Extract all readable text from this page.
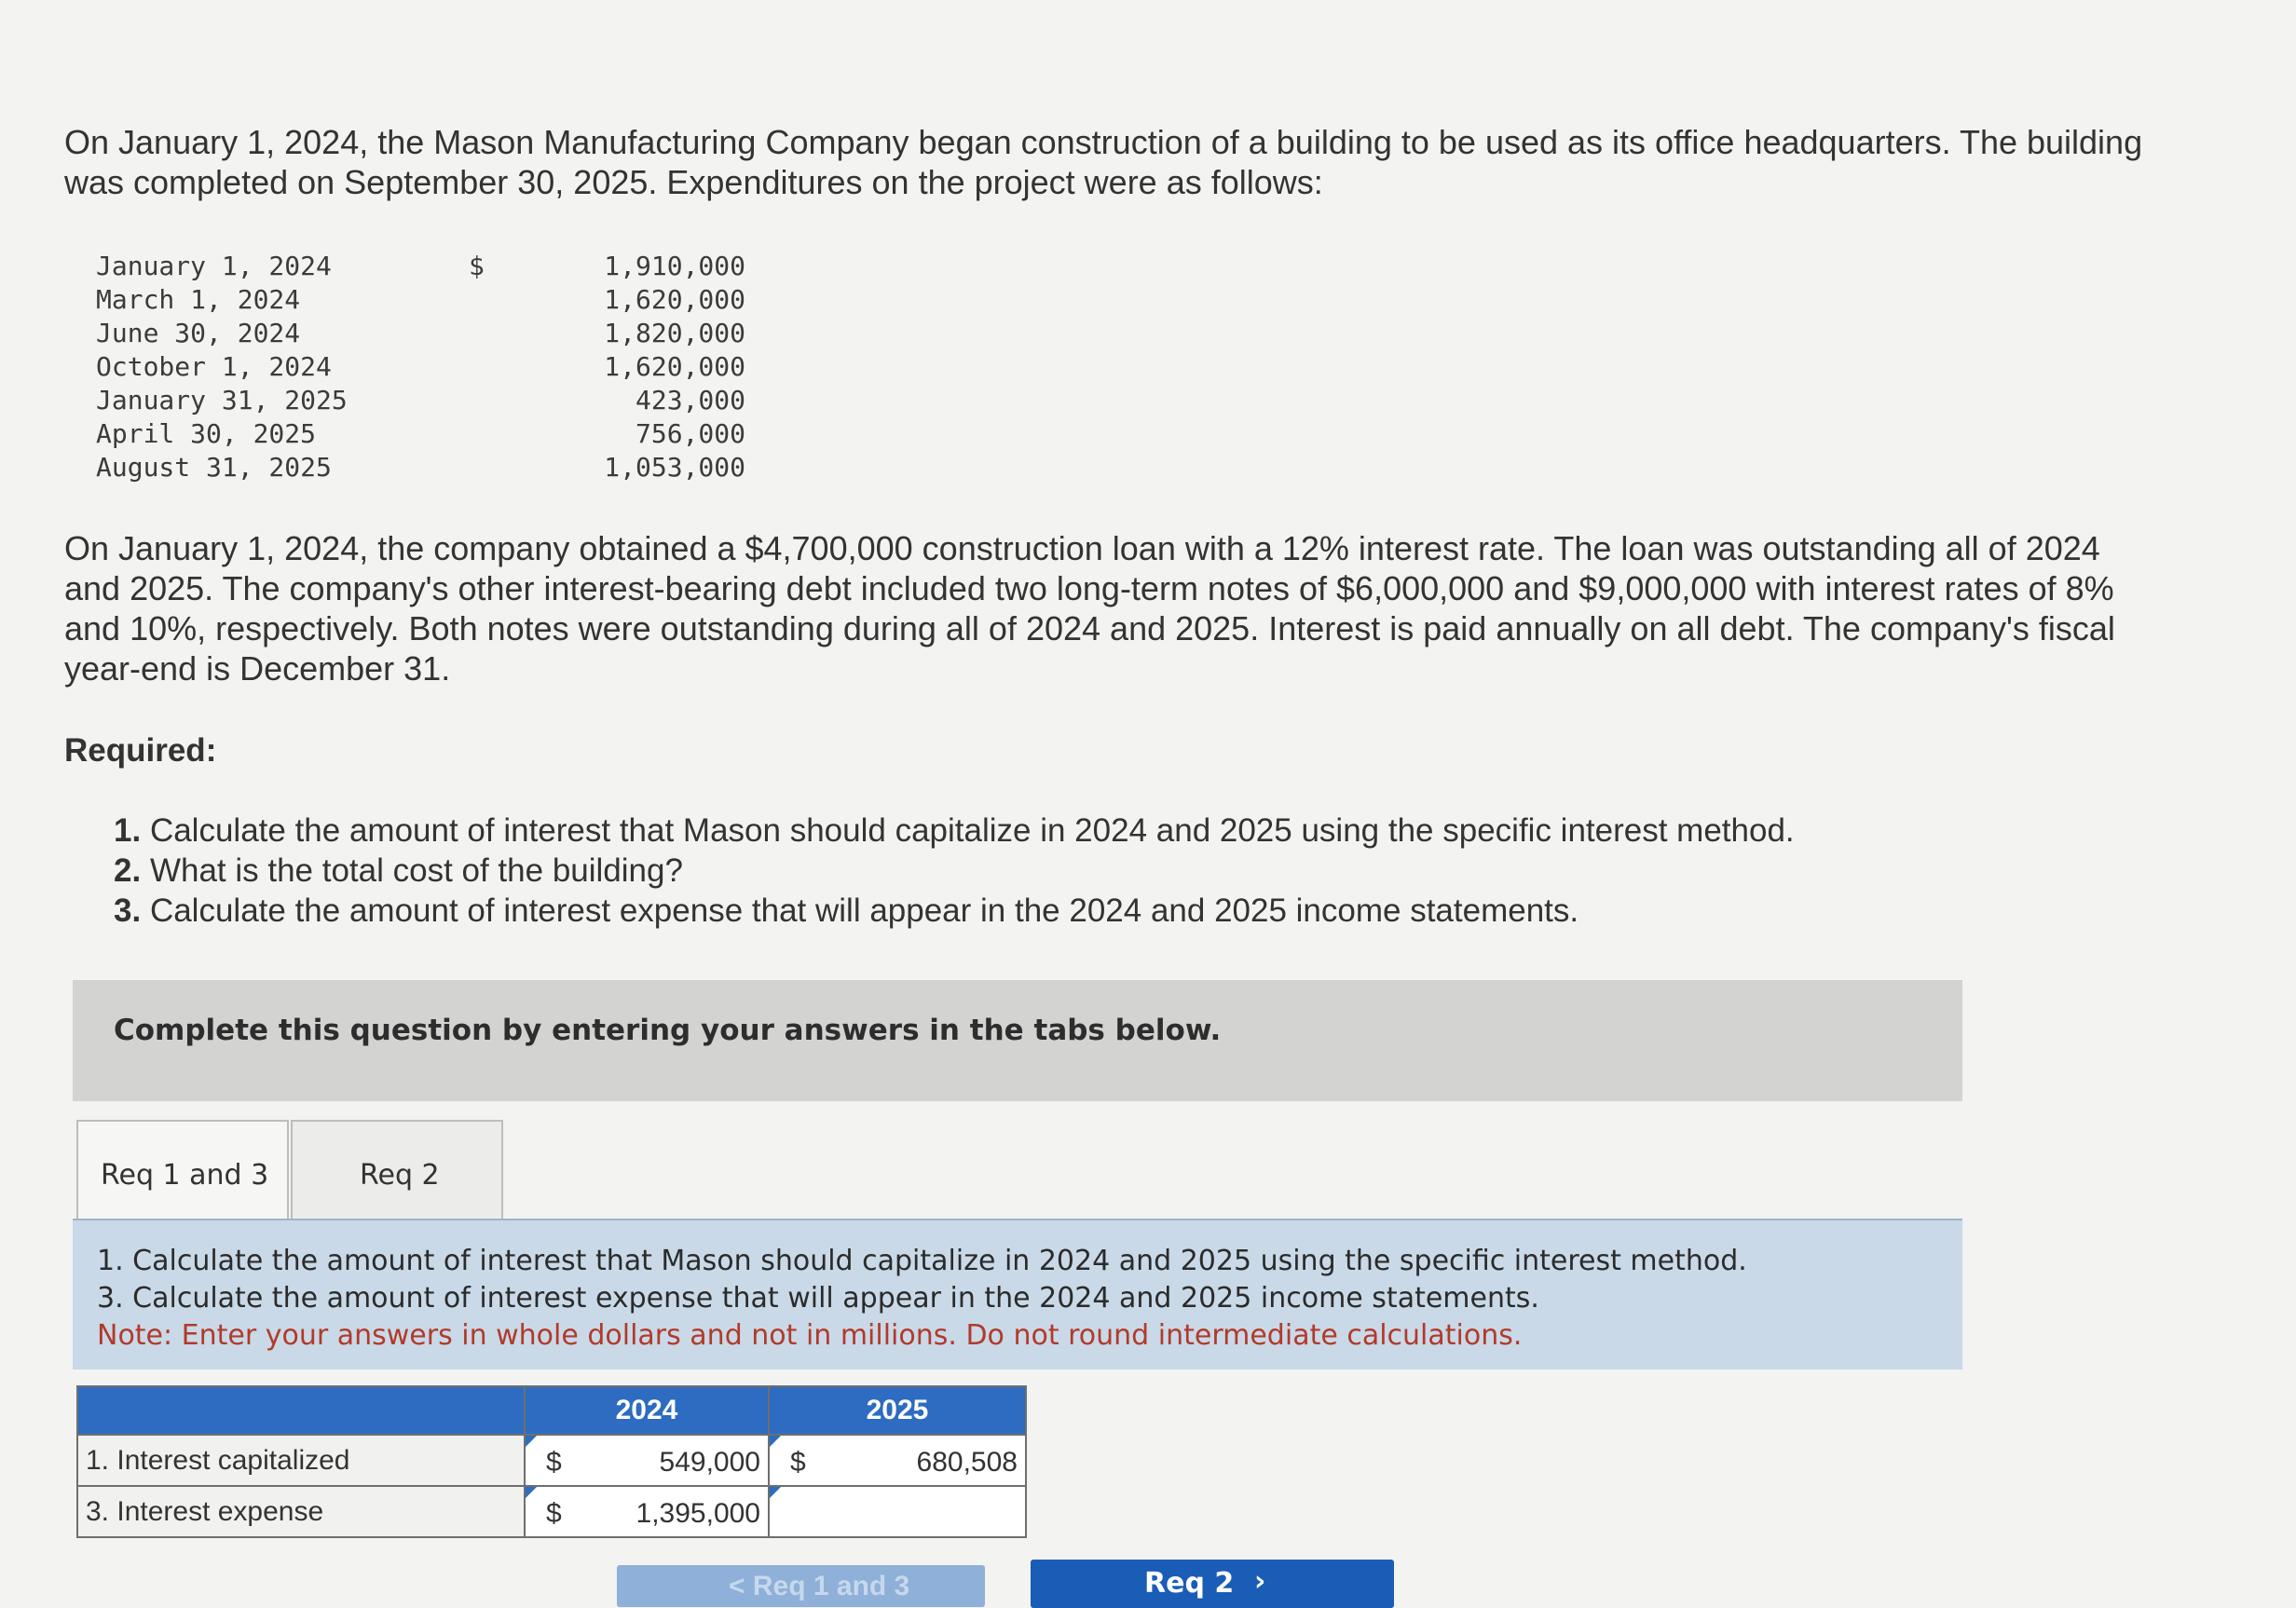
On January 1, 2024, the Mason Manufacturing Company began construction of a building to be used as its office headquarters. The building was completed on September 30, 2025. Expenditures on the project were as follows:
January 1, 2024	$	1,910,000
March 1, 2024	1,620,000
June 30, 2024	1,820,000
October 1, 2024	1,620,000
January 31, 2025	423,000
April 30, 2025	756,000
August 31, 2025	1,053,000
On January 1, 2024, the company obtained a $4,700,000 construction loan with a 12% interest rate. The loan was outstanding all of 2024 and 2025. The company's other interest-bearing debt included two long-term notes of $6,000,000 and $9,000,000 with interest rates of 8% and 10%, respectively. Both notes were outstanding during all of 2024 and 2025. Interest is paid annually on all debt. The company's fiscal year-end is December 31.
Required:
1. Calculate the amount of interest that Mason should capitalize in 2024 and 2025 using the specific interest method.
2. What is the total cost of the building?
3. Calculate the amount of interest expense that will appear in the 2024 and 2025 income statements.
Complete this question by entering your answers in the tabs below.
Req 1 and 3	Req 2
1. Calculate the amount of interest that Mason should capitalize in 2024 and 2025 using the specific interest method.
3. Calculate the amount of interest expense that will appear in the 2024 and 2025 income statements.
Note: Enter your answers in whole dollars and not in millions. Do not round intermediate calculations.
	2024	2025
1. Interest capitalized	$ 549,000	$ 680,508

3. Interest expense	$ 1,395,000	

< Req 1 and 3	Req 2 ›
